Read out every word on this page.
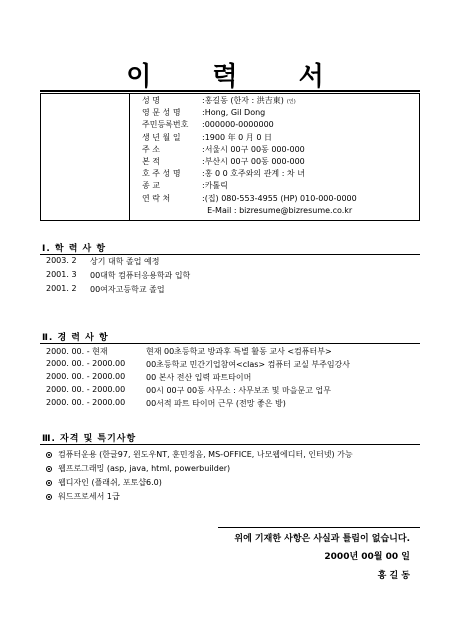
이 력 서
성 명	: 홍길동 (한자 : 洪吉東) (인)
영 문 성 명	: Hong, Gil Dong
주민등록번호	: 000000-0000000
생 년 월 일	: 1900 年 0 月 0 日
주 소	: 서울시 00구 00동 000-000
본 적	: 부산시 00구 00동 000-000
호 주 성 명	: 홍 0 0 호주와의 관계 : 차 녀
종 교	: 카톨릭
연 락 처	: (집) 080-553-4955 (HP) 010-000-0000

E-Mail : bizresume@bizresume.co.kr
Ⅰ. 학 력 사 항
2003. 2	상기 대학 졸업 예정
2001. 3	00대학 컴퓨터응용학과 입학
2001. 2	00여자고등학교 졸업
Ⅱ. 경 력 사 항
2000. 00. - 현재	현재 00초등학교 방과후 특별 활동 교사 <컴퓨터부>
2000. 00. - 2000.00	00초등학교 민간기업참여<clas> 컴퓨터 교실 부주임강사
2000. 00. - 2000.00	00 본사 전산 입력 파트타이머
2000. 00. - 2000.00	00시 00구 00동 사무소 : 사무보조 및 마을문고 업무
2000. 00. - 2000.00	00서적 파트 타이머 근무 (전망 좋은 방)
Ⅲ. 자격 및 특기사항
컴퓨터운용 (한글97, 윈도우NT, 훈민정음, MS-OFFICE, 나모웹에디터, 인터넷) 가능
웹프로그래밍 (asp, java, html, powerbuilder)
웹디자인 (플래쉬, 포토샵6.0)
워드프로세서 1급
위에 기재한 사항은 사실과 틀림이 없습니다.
2000년 00월 00 일
홍 길 동
